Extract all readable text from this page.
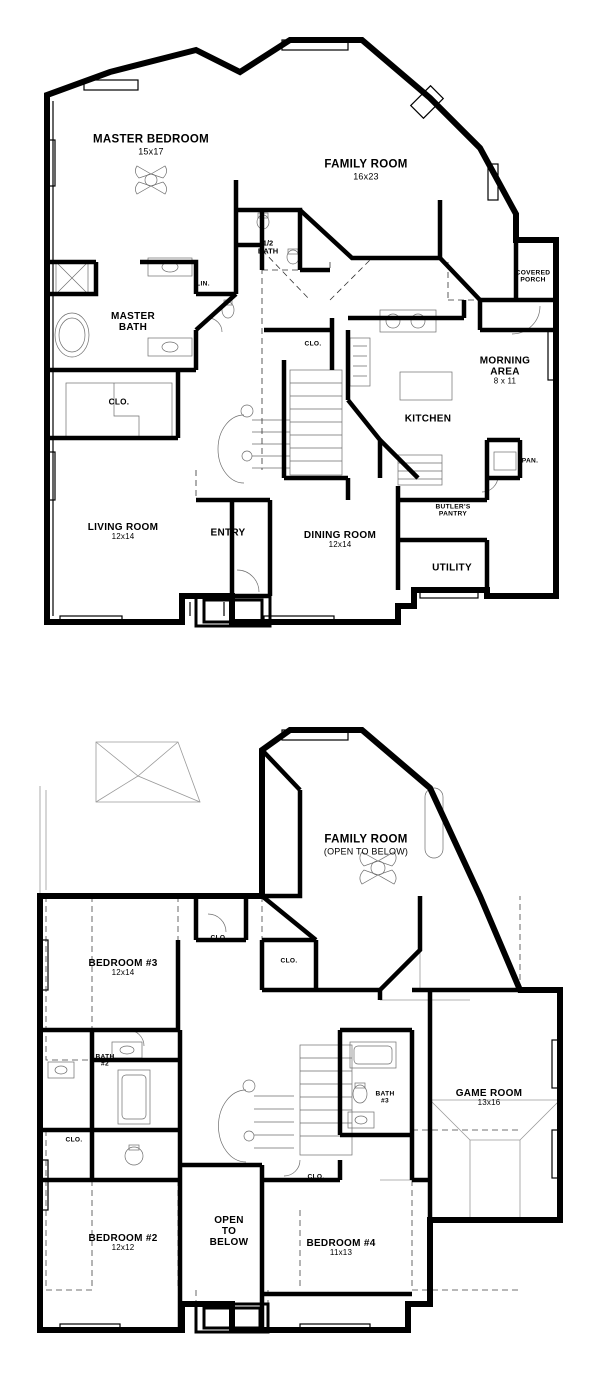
MASTER BEDROOM
15x17
FAMILY ROOM
16x23
1/2
BATH
MASTER
BATH
LIN.
CLO.
CLO.
KITCHEN
MORNING
AREA
8 x 11
COVERED
PORCH
PAN.
BUTLER'S
PANTRY
UTILITY
LIVING ROOM
12x14	ENTRY	DINING ROOM
12x14
FAMILY ROOM
(OPEN TO BELOW)
BEDROOM #3
12x14
CLO.
CLO.
BATH
#2
CLO.
CLO.
BATH
#3
GAME ROOM
13x16
BEDROOM #2
12x12
OPEN
TO
BELOW	BEDROOM #4
11x13
